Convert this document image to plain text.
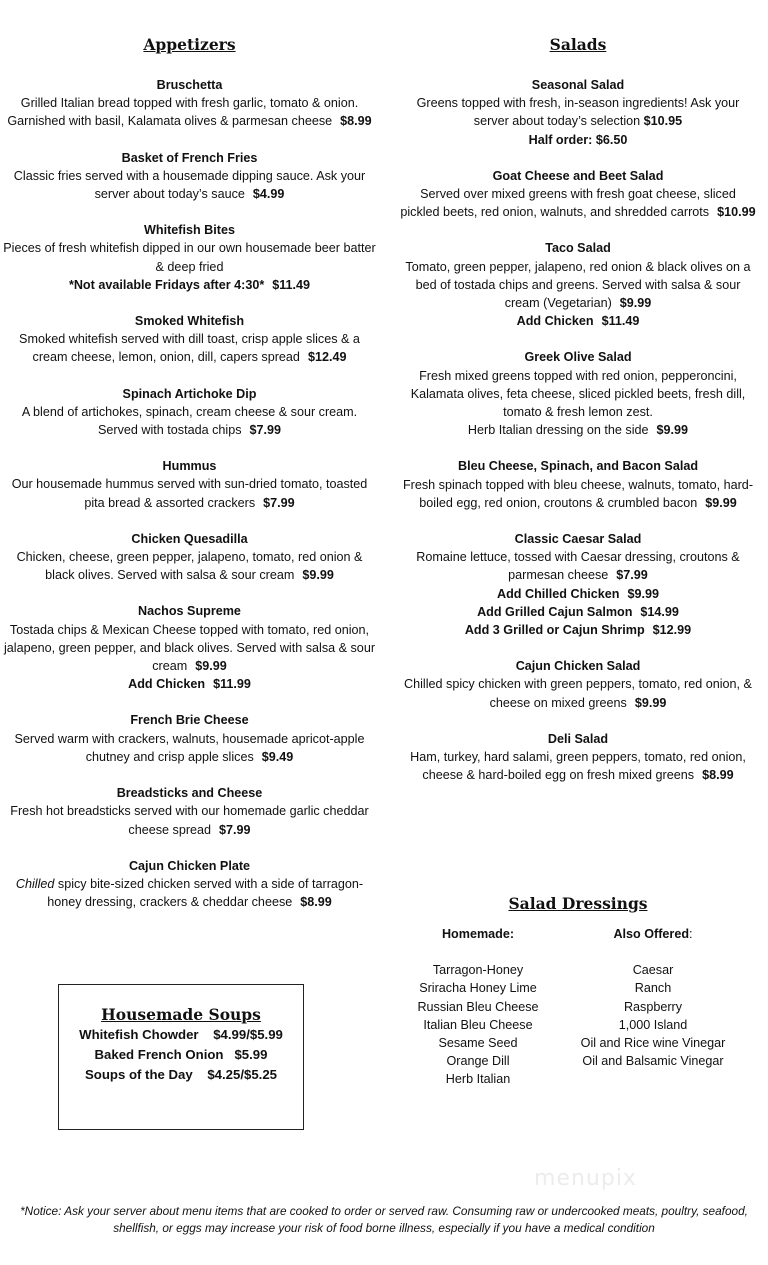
Appetizers
Bruschetta
Grilled Italian bread topped with fresh garlic, tomato & onion. Garnished with basil, Kalamata olives & parmesan cheese $8.99
Basket of French Fries
Classic fries served with a housemade dipping sauce. Ask your server about today’s sauce $4.99
Whitefish Bites
Pieces of fresh whitefish dipped in our own housemade beer batter & deep fried
*Not available Fridays after 4:30* $11.49
Smoked Whitefish
Smoked whitefish served with dill toast, crisp apple slices & a cream cheese, lemon, onion, dill, capers spread $12.49
Spinach Artichoke Dip
A blend of artichokes, spinach, cream cheese & sour cream. Served with tostada chips $7.99
Hummus
Our housemade hummus served with sun-dried tomato, toasted pita bread & assorted crackers $7.99
Chicken Quesadilla
Chicken, cheese, green pepper, jalapeno, tomato, red onion & black olives. Served with salsa & sour cream $9.99
Nachos Supreme
Tostada chips & Mexican Cheese topped with tomato, red onion, jalapeno, green pepper, and black olives. Served with salsa & sour cream $9.99
Add Chicken $11.99
French Brie Cheese
Served warm with crackers, walnuts, housemade apricot-apple chutney and crisp apple slices $9.49
Breadsticks and Cheese
Fresh hot breadsticks served with our homemade garlic cheddar cheese spread $7.99
Cajun Chicken Plate
Chilled spicy bite-sized chicken served with a side of tarragon-honey dressing, crackers & cheddar cheese $8.99
Salads
Seasonal Salad
Greens topped with fresh, in-season ingredients! Ask your server about today’s selection $10.95
Half order: $6.50
Goat Cheese and Beet Salad
Served over mixed greens with fresh goat cheese, sliced pickled beets, red onion, walnuts, and shredded carrots $10.99
Taco Salad
Tomato, green pepper, jalapeno, red onion & black olives on a bed of tostada chips and greens. Served with salsa & sour cream (Vegetarian) $9.99
Add Chicken $11.49
Greek Olive Salad
Fresh mixed greens topped with red onion, pepperoncini, Kalamata olives, feta cheese, sliced pickled beets, fresh dill, tomato & fresh lemon zest.
Herb Italian dressing on the side $9.99
Bleu Cheese, Spinach, and Bacon Salad
Fresh spinach topped with bleu cheese, walnuts, tomato, hard-boiled egg, red onion, croutons & crumbled bacon $9.99
Classic Caesar Salad
Romaine lettuce, tossed with Caesar dressing, croutons & parmesan cheese $7.99
Add Chilled Chicken $9.99
Add Grilled Cajun Salmon $14.99
Add 3 Grilled or Cajun Shrimp $12.99
Cajun Chicken Salad
Chilled spicy chicken with green peppers, tomato, red onion, & cheese on mixed greens $9.99
Deli Salad
Ham, turkey, hard salami, green peppers, tomato, red onion, cheese & hard-boiled egg on fresh mixed greens $8.99
Salad Dressings
Homemade:
Tarragon-Honey
Sriracha Honey Lime
Russian Bleu Cheese
Italian Bleu Cheese
Sesame Seed
Orange Dill
Herb Italian
Also Offered:
Caesar
Ranch
Raspberry
1,000 Island
Oil and Rice wine Vinegar
Oil and Balsamic Vinegar
Housemade Soups
Whitefish Chowder    $4.99/$5.99
Baked French Onion   $5.99
Soups of the Day    $4.25/$5.25
menupix
*Notice: Ask your server about menu items that are cooked to order or served raw. Consuming raw or undercooked meats, poultry, seafood, shellfish, or eggs may increase your risk of food borne illness, especially if you have a medical condition
